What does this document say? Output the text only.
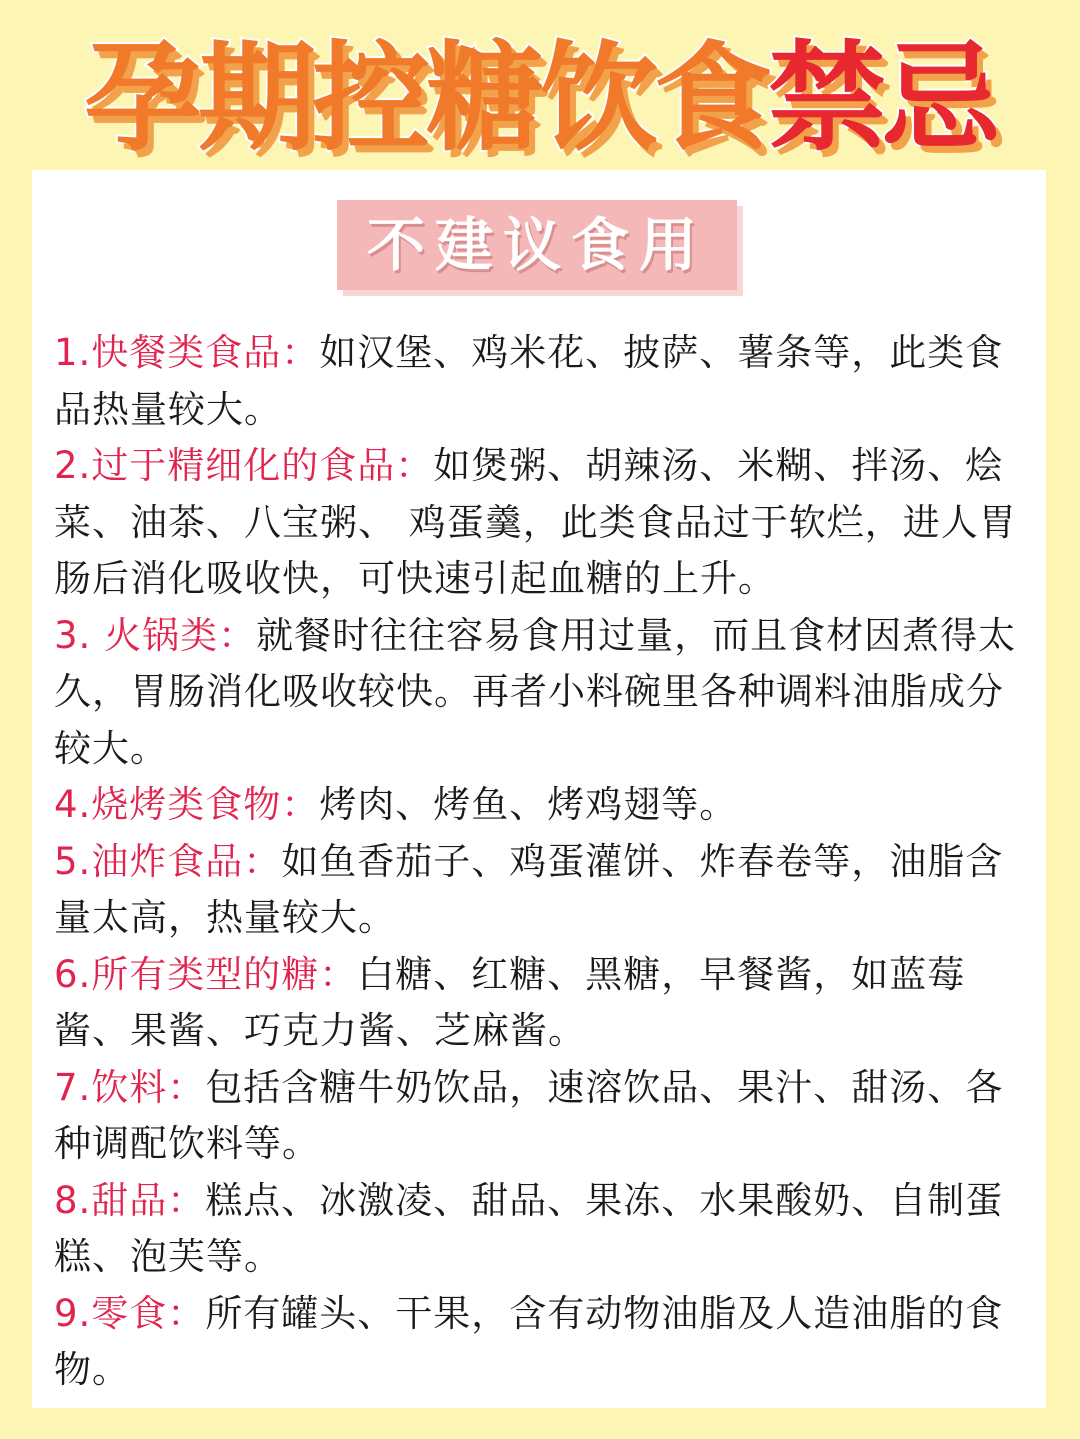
孕期控糖饮食禁忌
不建议食用
1.快餐类食品：如汉堡、鸡米花、披萨、薯条等，此类食品热量较大。
2.过于精细化的食品：如煲粥、胡辣汤、米糊、拌汤、烩菜、油茶、八宝粥、 鸡蛋羹，此类食品过于软烂，进人胃肠后消化吸收快，可快速引起血糖的上升。
3. 火锅类：就餐时往往容易食用过量，而且食材因煮得太久，胃肠消化吸收较快。再者小料碗里各种调料油脂成分较大。
4.烧烤类食物：烤肉、烤鱼、烤鸡翅等。
5.油炸食品：如鱼香茄子、鸡蛋灌饼、炸春卷等，油脂含量太高，热量较大。
6.所有类型的糖：白糖、红糖、黑糖，早餐酱，如蓝莓酱、果酱、巧克力酱、芝麻酱。
7.饮料：包括含糖牛奶饮品，速溶饮品、果汁、甜汤、各种调配饮料等。
8.甜品：糕点、冰激凌、甜品、果冻、水果酸奶、自制蛋糕、泡芙等。
9.零食：所有罐头、干果，含有动物油脂及人造油脂的食物。
